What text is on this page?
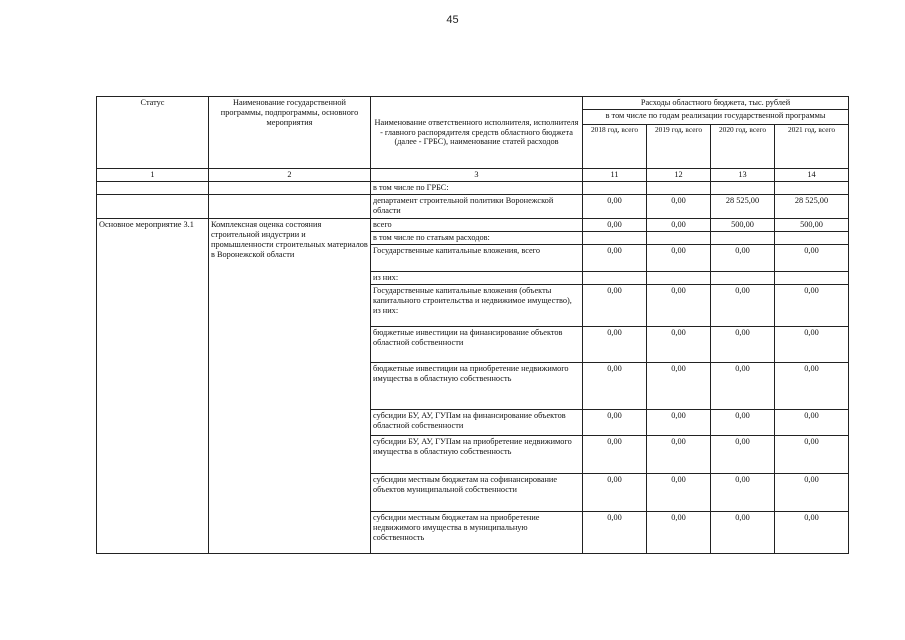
45
Статус	Наименование государственной программы, подпрограммы, основного мероприятия	Наименование ответственного исполнителя, исполнителя - главного распорядителя средств областного бюджета (далее - ГРБС), наименование статей расходов	Расходы областного бюджета, тыс. рублей			
			в том числе по годам реализации государственной программы			
			2018 год, всего	2019 год, всего	2020 год, всего	2021 год, всего
1	2	3	11	12	13	14
		в том числе по ГРБС:				
		департамент строительной политики Воронежской области	0,00	0,00	28 525,00	28 525,00
Основное мероприятие 3.1	Комплексная оценка состояния строительной индустрии и промышленности строительных материалов в Воронежской области	всего	0,00	0,00	500,00	500,00
		в том числе по статьям расходов:				
		Государственные капитальные вложения, всего	0,00	0,00	0,00	0,00
		из них:				
		Государственные капитальные вложения (объекты капитального строительства и недвижимое имущество), из них:	0,00	0,00	0,00	0,00
		бюджетные инвестиции на финансирование объектов областной собственности	0,00	0,00	0,00	0,00
		бюджетные инвестиции на приобретение недвижимого имущества в областную собственность	0,00	0,00	0,00	0,00
		субсидии БУ, АУ, ГУПам на финансирование объектов областной собственности	0,00	0,00	0,00	0,00
		субсидии БУ, АУ, ГУПам на приобретение недвижимого имущества в областную собственность	0,00	0,00	0,00	0,00
		субсидии местным бюджетам на софинансирование объектов муниципальной собственности	0,00	0,00	0,00	0,00
		субсидии местным бюджетам на приобретение недвижимого имущества в муниципальную собственность	0,00	0,00	0,00	0,00
